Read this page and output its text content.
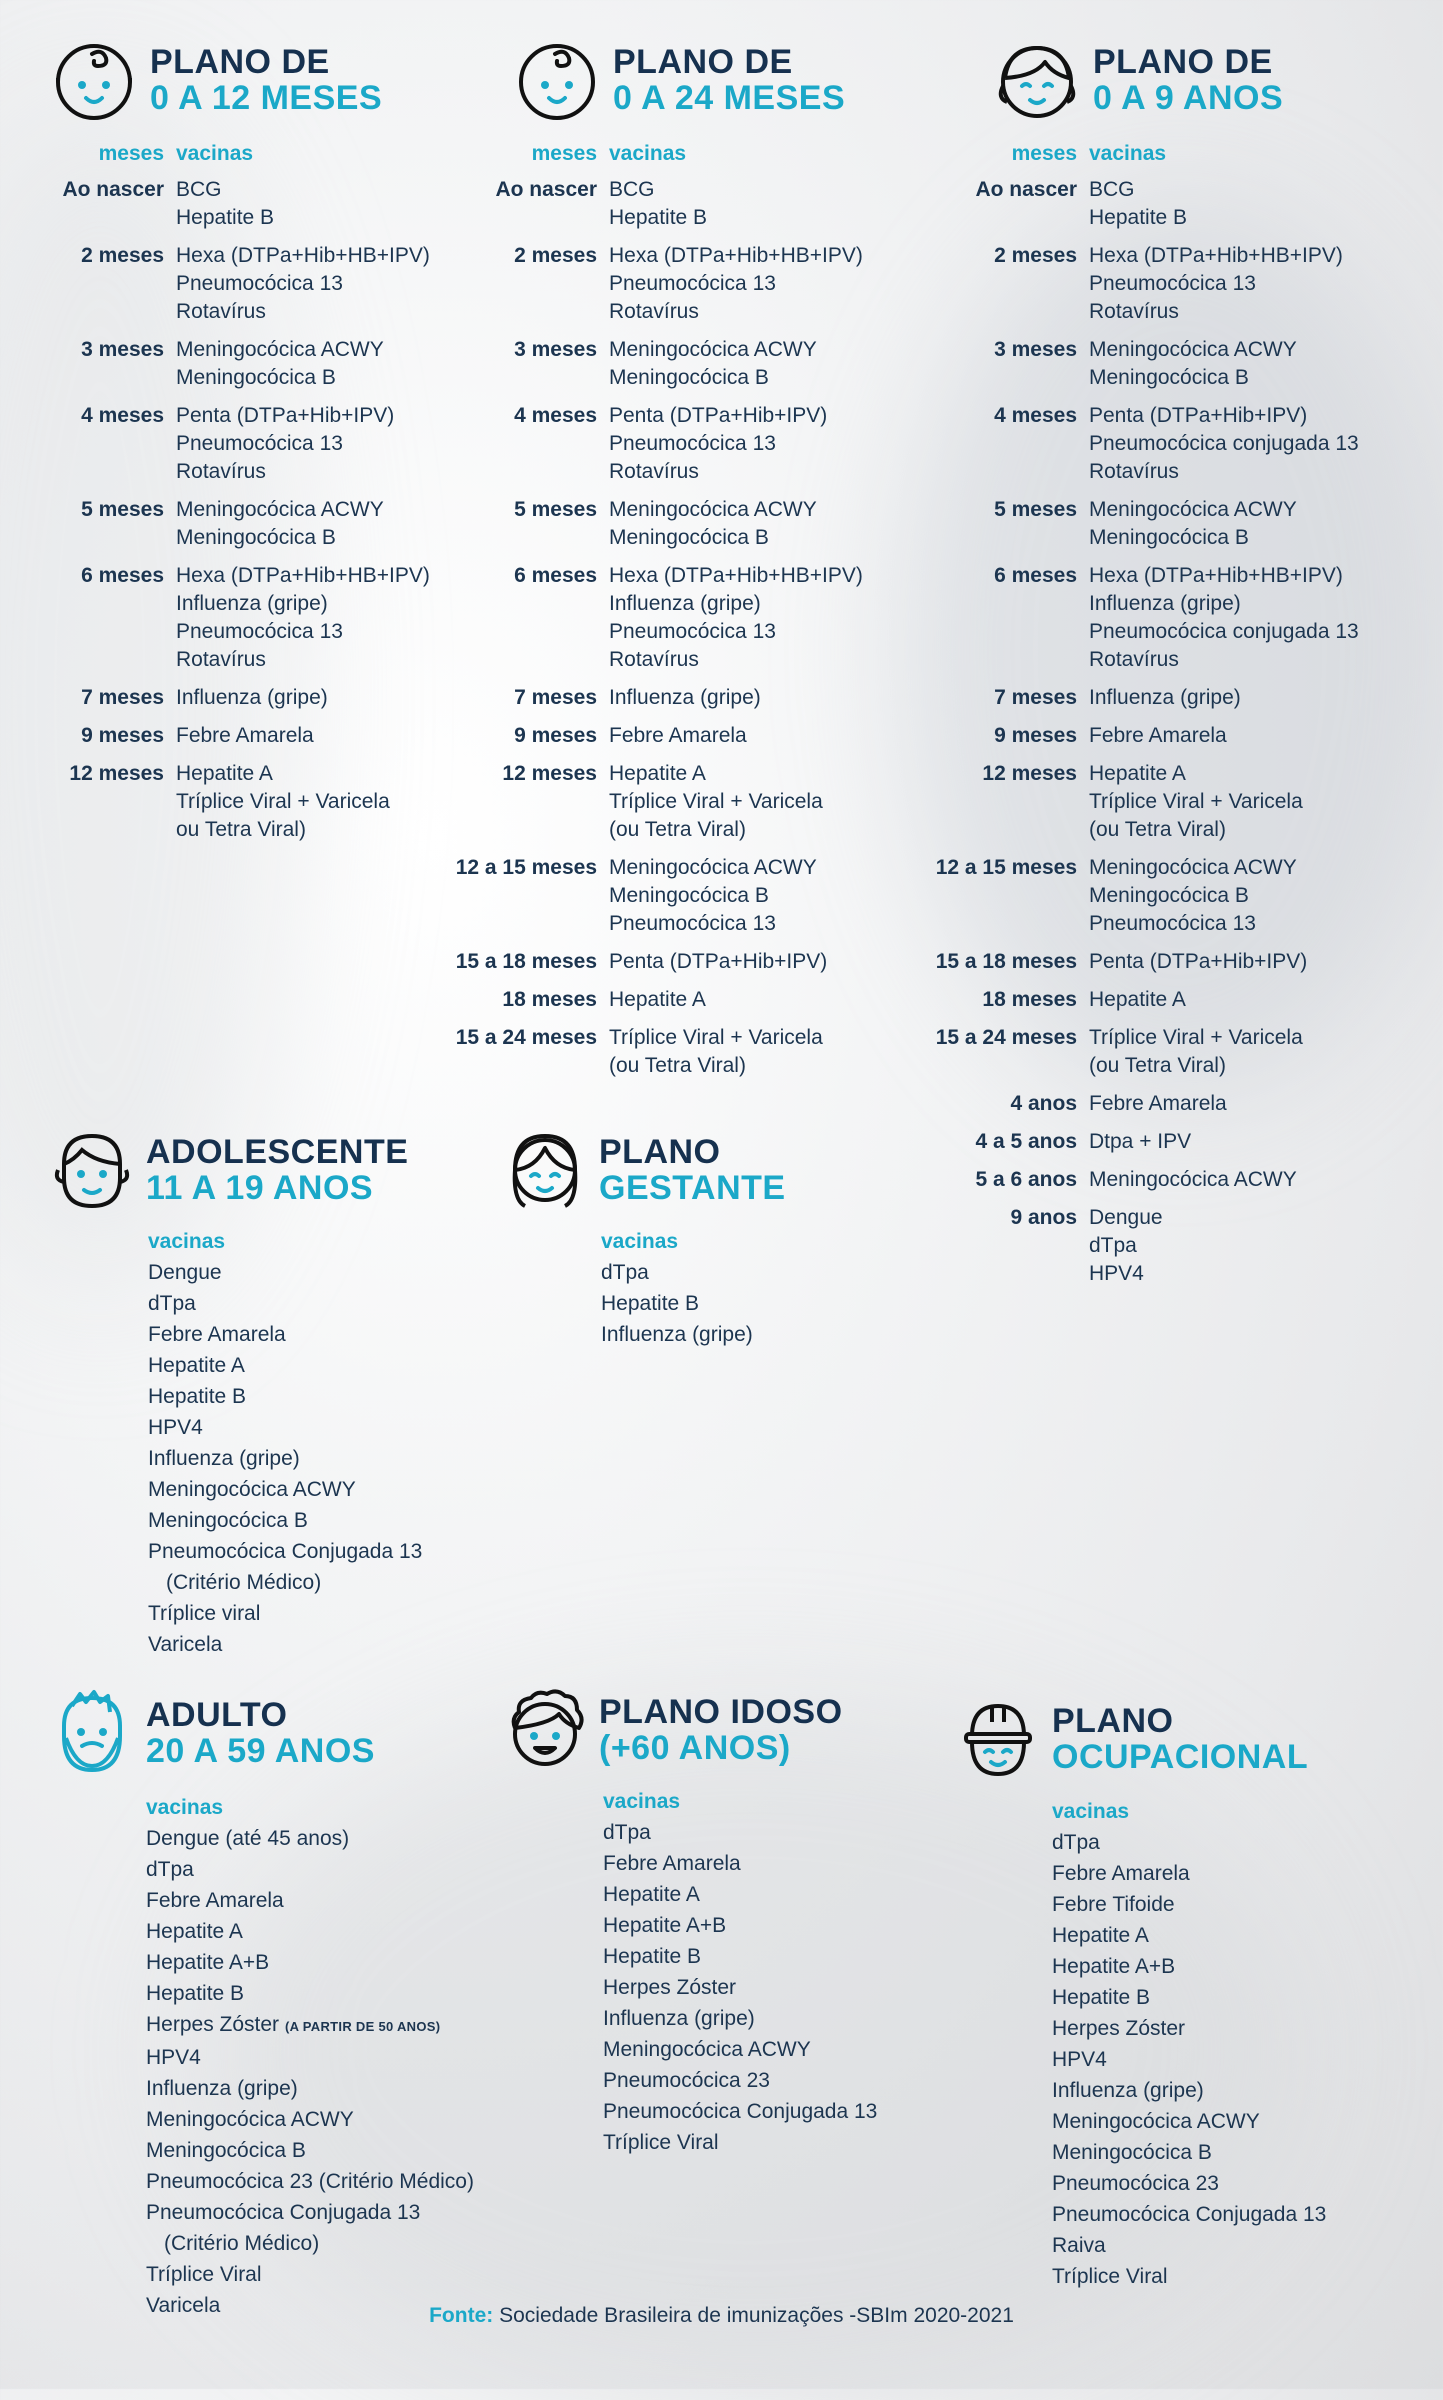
PLANO DE
0 A 12 MESES
meses vacinas
Ao nascer BCG
Hepatite B
2 meses Hexa (DTPa+Hib+HB+IPV)
Pneumocócica 13
Rotavírus
3 meses Meningocócica ACWY
Meningocócica B
4 meses Penta (DTPa+Hib+IPV)
Pneumocócica 13
Rotavírus
5 meses Meningocócica ACWY
Meningocócica B
6 meses Hexa (DTPa+Hib+HB+IPV)
Influenza (gripe)
Pneumocócica 13
Rotavírus
7 meses Influenza (gripe)
9 meses Febre Amarela
12 meses Hepatite A
Tríplice Viral + Varicela
ou Tetra Viral)
PLANO DE
0 A 24 MESES
meses vacinas
Ao nascer BCG
Hepatite B
2 meses Hexa (DTPa+Hib+HB+IPV)
Pneumocócica 13
Rotavírus
3 meses Meningocócica ACWY
Meningocócica B
4 meses Penta (DTPa+Hib+IPV)
Pneumocócica 13
Rotavírus
5 meses Meningocócica ACWY
Meningocócica B
6 meses Hexa (DTPa+Hib+HB+IPV)
Influenza (gripe)
Pneumocócica 13
Rotavírus
7 meses Influenza (gripe)
9 meses Febre Amarela
12 meses Hepatite A
Tríplice Viral + Varicela
(ou Tetra Viral)
12 a 15 meses Meningocócica ACWY
Meningocócica B
Pneumocócica 13
15 a 18 meses Penta (DTPa+Hib+IPV)
18 meses Hepatite A
15 a 24 meses Tríplice Viral + Varicela
(ou Tetra Viral)
PLANO DE
0 A 9 ANOS
meses vacinas
Ao nascer BCG
Hepatite B
2 meses Hexa (DTPa+Hib+HB+IPV)
Pneumocócica 13
Rotavírus
3 meses Meningocócica ACWY
Meningocócica B
4 meses Penta (DTPa+Hib+IPV)
Pneumocócica conjugada 13
Rotavírus
5 meses Meningocócica ACWY
Meningocócica B
6 meses Hexa (DTPa+Hib+HB+IPV)
Influenza (gripe)
Pneumocócica conjugada 13
Rotavírus
7 meses Influenza (gripe)
9 meses Febre Amarela
12 meses Hepatite A
Tríplice Viral + Varicela
(ou Tetra Viral)
12 a 15 meses Meningocócica ACWY
Meningocócica B
Pneumocócica 13
15 a 18 meses Penta (DTPa+Hib+IPV)
18 meses Hepatite A
15 a 24 meses Tríplice Viral + Varicela
(ou Tetra Viral)
4 anos Febre Amarela
4 a 5 anos Dtpa + IPV
5 a 6 anos Meningocócica ACWY
9 anos Dengue
dTpa
HPV4
ADOLESCENTE
11 A 19 ANOS
vacinas
Dengue
dTpa
Febre Amarela
Hepatite A
Hepatite B
HPV4
Influenza (gripe)
Meningocócica ACWY
Meningocócica B
Pneumocócica Conjugada 13
(Critério Médico)
Tríplice viral
Varicela
PLANO
GESTANTE
vacinas
dTpa
Hepatite B
Influenza (gripe)
ADULTO
20 A 59 ANOS
vacinas
Dengue (até 45 anos)
dTpa
Febre Amarela
Hepatite A
Hepatite A+B
Hepatite B
Herpes Zóster (A PARTIR DE 50 ANOS)
HPV4
Influenza (gripe)
Meningocócica ACWY
Meningocócica B
Pneumocócica 23 (Critério Médico)
Pneumocócica Conjugada 13
(Critério Médico)
Tríplice Viral
Varicela
PLANO IDOSO
(+60 ANOS)
vacinas
dTpa
Febre Amarela
Hepatite A
Hepatite A+B
Hepatite B
Herpes Zóster
Influenza (gripe)
Meningocócica ACWY
Pneumocócica 23
Pneumocócica Conjugada 13
Tríplice Viral
PLANO
OCUPACIONAL
vacinas
dTpa
Febre Amarela
Febre Tifoide
Hepatite A
Hepatite A+B
Hepatite B
Herpes Zóster
HPV4
Influenza (gripe)
Meningocócica ACWY
Meningocócica B
Pneumocócica 23
Pneumocócica Conjugada 13
Raiva
Tríplice Viral
Fonte: Sociedade Brasileira de imunizações -SBIm 2020-2021
